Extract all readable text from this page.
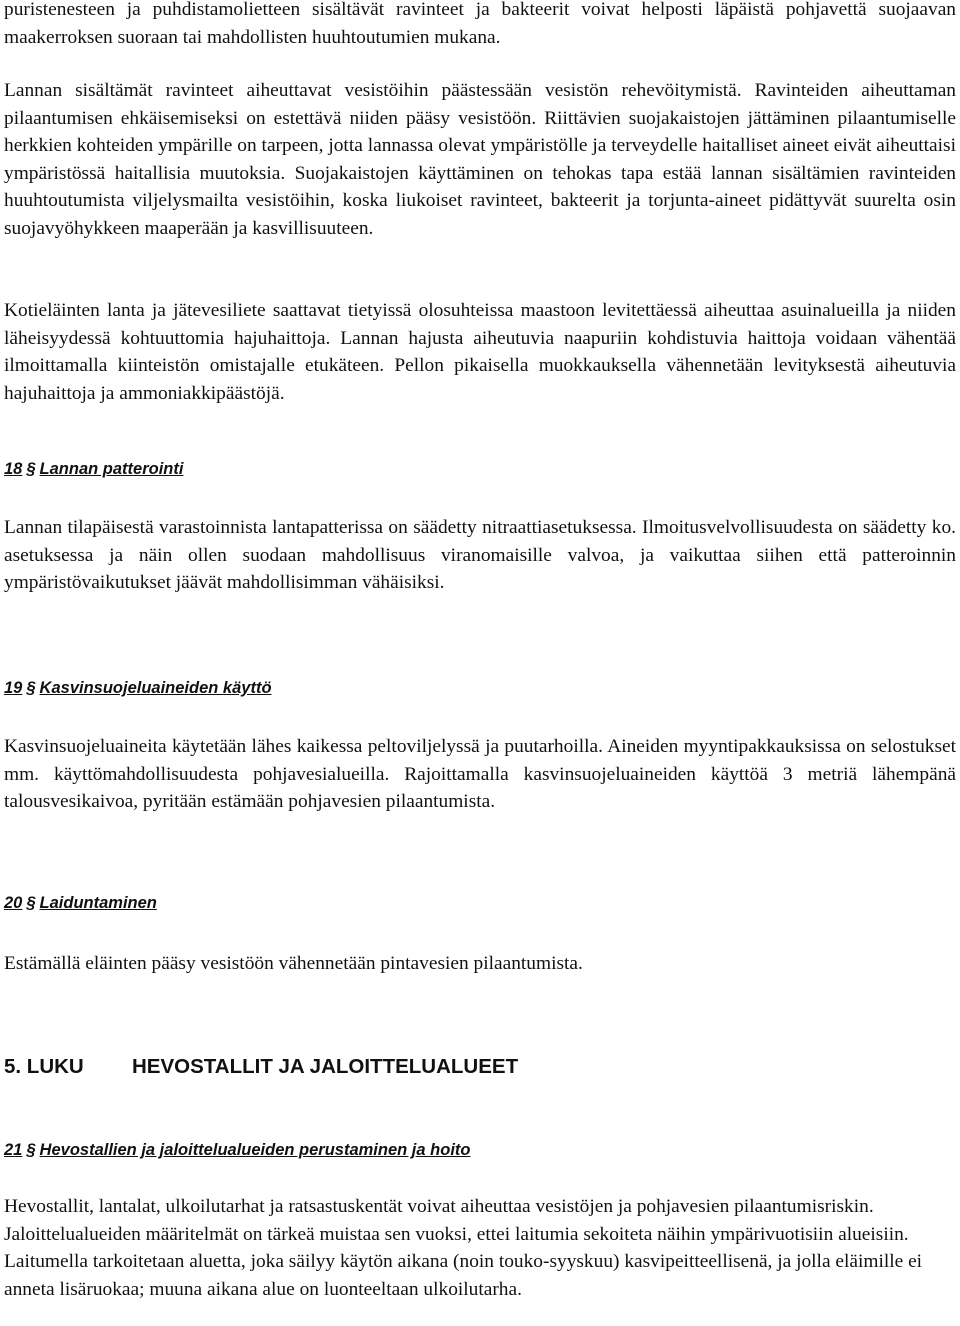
puristenesteen ja puhdistamolietteen sisältävät ravinteet ja bakteerit voivat helposti läpäistä pohjavettä suojaavan maakerroksen suoraan tai mahdollisten huuhtoutumien mukana.

Lannan sisältämät ravinteet aiheuttavat vesistöihin päästessään vesistön rehevöitymistä. Ravinteiden aiheuttaman pilaantumisen ehkäisemiseksi on estettävä niiden pääsy vesistöön. Riittävien suojakaistojen jättäminen pilaantumiselle herkkien kohteiden ympärille on tarpeen, jotta lannassa olevat ympäristölle ja terveydelle haitalliset aineet eivät aiheuttaisi ympäristössä haitallisia muutoksia. Suojakaistojen käyttäminen on tehokas tapa estää lannan sisältämien ravinteiden huuhtoutumista viljelysmailta vesistöihin, koska liukoiset ravinteet, bakteerit ja torjunta-aineet pidättyvät suurelta osin suojavyöhykkeen maaperään ja kasvillisuuteen.

Kotieläinten lanta ja jätevesiliete saattavat tietyissä olosuhteissa maastoon levitettäessä aiheuttaa asuinalueilla ja niiden läheisyydessä kohtuuttomia hajuhaittoja. Lannan hajusta aiheutuvia naapuriin kohdistuvia haittoja voidaan vähentää ilmoittamalla kiinteistön omistajalle etukäteen. Pellon pikaisella muokkauksella vähennetään levityksestä aiheutuvia hajuhaittoja ja ammoniakkipäästöjä.

18 § Lannan patterointi

Lannan tilapäisestä varastoinnista lantapatterissa on säädetty nitraattiasetuksessa. Ilmoitusvelvollisuudesta on säädetty ko. asetuksessa ja näin ollen suodaan mahdollisuus viranomaisille valvoa, ja vaikuttaa siihen että patteroinnin ympäristövaikutukset jäävät mahdollisimman vähäisiksi.

19 § Kasvinsuojeluaineiden käyttö

Kasvinsuojeluaineita käytetään lähes kaikessa peltoviljelyssä ja puutarhoilla. Aineiden myyntipakkauksissa on selostukset mm. käyttömahdollisuudesta pohjavesialueilla. Rajoittamalla kasvinsuojeluaineiden käyttöä 3 metriä lähempänä talousvesikaivoa, pyritään estämään pohjavesien pilaantumista.

20 § Laiduntaminen

Estämällä eläinten pääsy vesistöön vähennetään pintavesien pilaantumista.

5. LUKU	HEVOSTALLIT JA JALOITTELUALUEET
21 § Hevostallien ja jaloittelualueiden perustaminen ja hoito

Hevostallit, lantalat, ulkoilutarhat ja ratsastuskentät voivat aiheuttaa vesistöjen ja pohjavesien pilaantumisriskin. Jaloittelualueiden määritelmät on tärkeä muistaa sen vuoksi, ettei laitumia sekoiteta näihin ympärivuotisiin alueisiin. Laitumella tarkoitetaan aluetta, joka säilyy käytön aikana (noin touko-syyskuu) kasvipeitteellisenä, ja jolla eläimille ei anneta lisäruokaa; muuna aikana alue on luonteeltaan ulkoilutarha.
